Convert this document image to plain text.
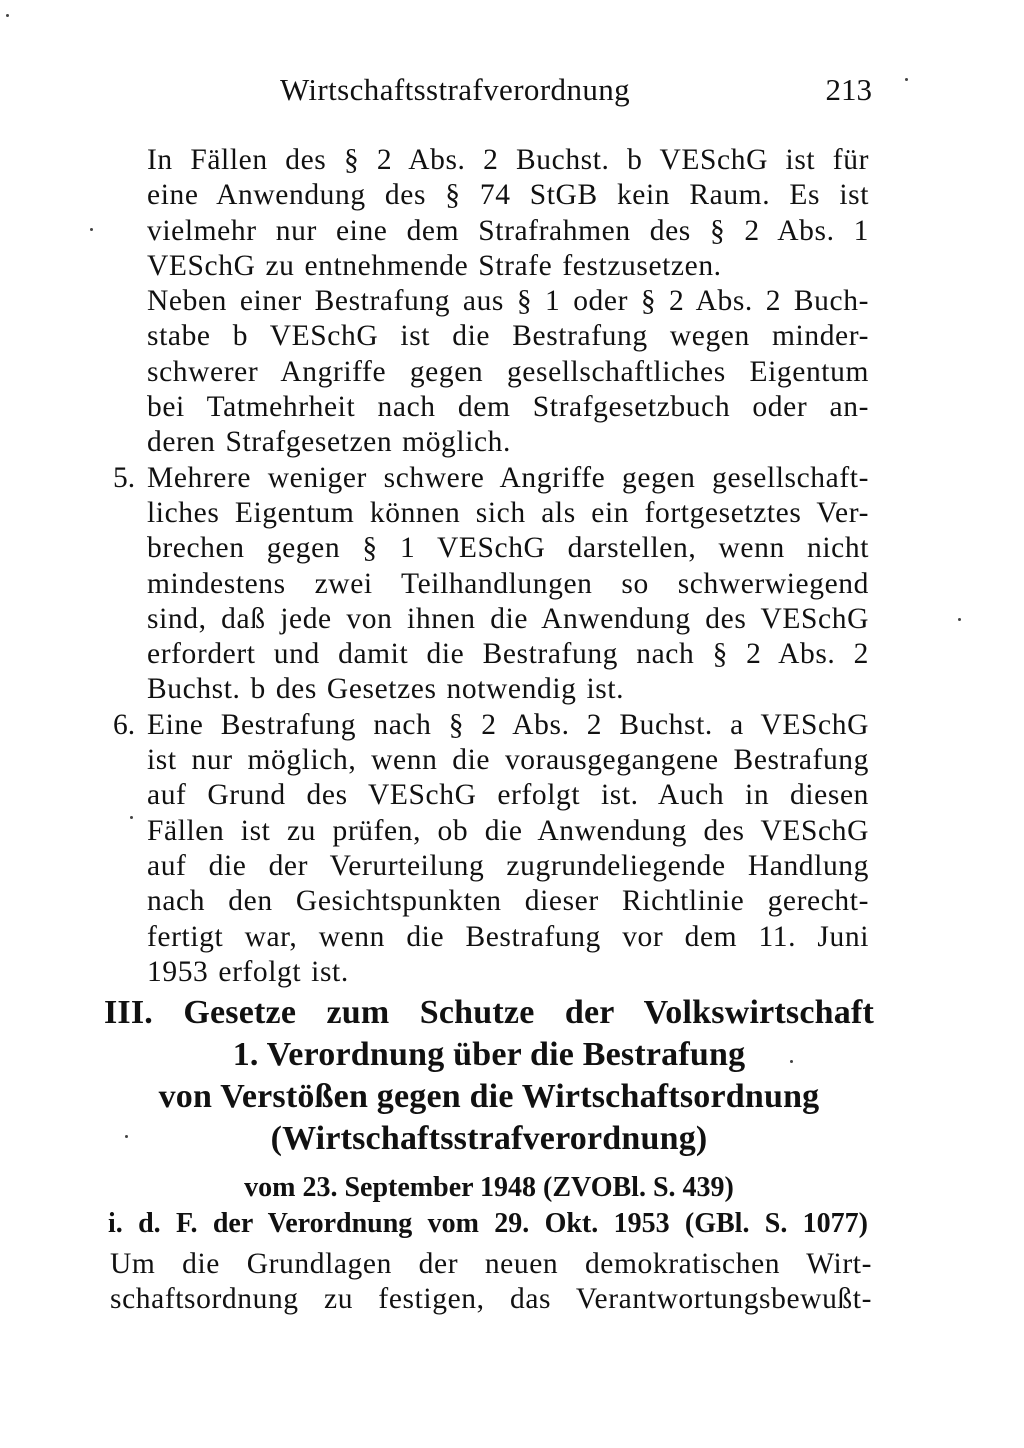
Wirtschaftsstrafverordnung	213
In Fällen des § 2 Abs. 2 Buchst. b VESchG ist für
eine Anwendung des § 74 StGB kein Raum. Es ist
vielmehr nur eine dem Strafrahmen des § 2 Abs. 1
VESchG zu entnehmende Strafe festzusetzen.
Neben einer Bestrafung aus § 1 oder § 2 Abs. 2 Buch-
stabe b VESchG ist die Bestrafung wegen minder-
schwerer Angriffe gegen gesellschaftliches Eigentum
bei Tatmehrheit nach dem Strafgesetzbuch oder an-
deren Strafgesetzen möglich.
5. Mehrere weniger schwere Angriffe gegen gesellschaft-
liches Eigentum können sich als ein fortgesetztes Ver-
brechen gegen § 1 VESchG darstellen, wenn nicht
mindestens zwei Teilhandlungen so schwerwiegend
sind, daß jede von ihnen die Anwendung des VESchG
erfordert und damit die Bestrafung nach § 2 Abs. 2
Buchst. b des Gesetzes notwendig ist.
6. Eine Bestrafung nach § 2 Abs. 2 Buchst. a VESchG
ist nur möglich, wenn die vorausgegangene Bestrafung
auf Grund des VESchG erfolgt ist. Auch in diesen
Fällen ist zu prüfen, ob die Anwendung des VESchG
auf die der Verurteilung zugrundeliegende Handlung
nach den Gesichtspunkten dieser Richtlinie gerecht-
fertigt war, wenn die Bestrafung vor dem 11. Juni
1953 erfolgt ist.
III. Gesetze zum Schutze der Volkswirtschaft
1. Verordnung über die Bestrafung
von Verstößen gegen die Wirtschaftsordnung
(Wirtschaftsstrafverordnung)
vom 23. September 1948 (ZVOBl. S. 439)
i. d. F. der Verordnung vom 29. Okt. 1953 (GBl. S. 1077)
Um die Grundlagen der neuen demokratischen Wirt-
schaftsordnung zu festigen, das Verantwortungsbewußt-
